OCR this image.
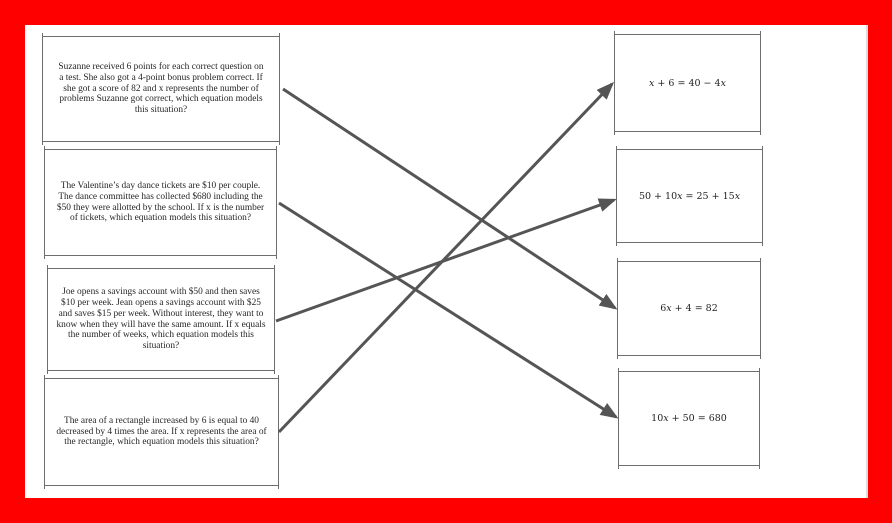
Suzanne received 6 points for each correct question on a test. She also got a 4-point bonus problem correct. If she got a score of 82 and x represents the number of problems Suzanne got correct, which equation models this situation?
The Valentine’s day dance tickets are $10 per couple. The dance committee has collected $680 including the $50 they were allotted by the school. If x is the number of tickets, which equation models this situation?
Joe opens a savings account with $50 and then saves $10 per week. Jean opens a savings account with $25 and saves $15 per week. Without interest, they want to know when they will have the same amount. If x equals the number of weeks, which equation models this situation?
The area of a rectangle increased by 6 is equal to 40 decreased by 4 times the area. If x represents the area of the rectangle, which equation models this situation?
x + 6 = 40 − 4x
50 + 10x = 25 + 15x
6x + 4 = 82
10x + 50 = 680
